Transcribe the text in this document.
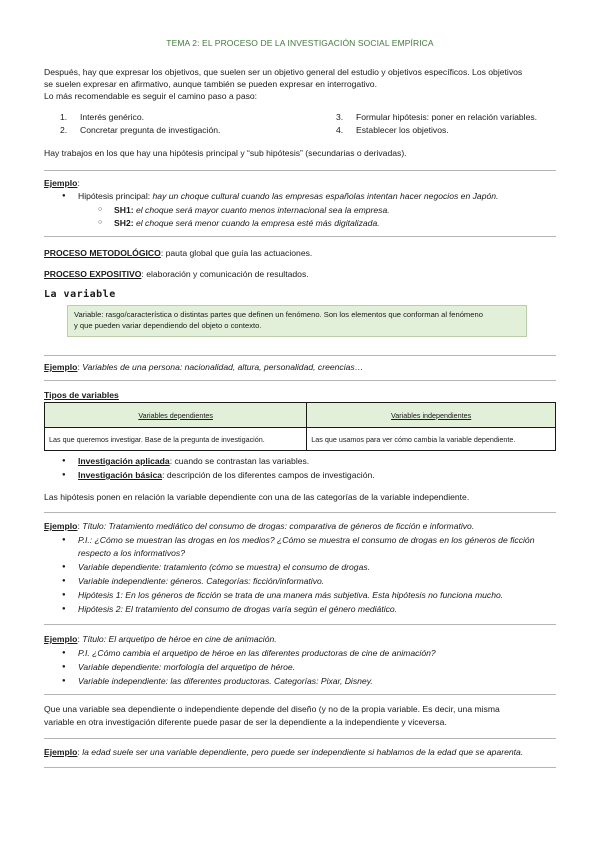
TEMA 2: EL PROCESO DE LA INVESTIGACIÓN SOCIAL EMPÍRICA
Después, hay que expresar los objetivos, que suelen ser un objetivo general del estudio y objetivos específicos. Los objetivos
se suelen expresar en afirmativo, aunque también se pueden expresar en interrogativo.
Lo más recomendable es seguir el camino paso a paso:
1. Interés genérico.
2. Concretar pregunta de investigación.
3. Formular hipótesis: poner en relación variables.
4. Establecer los objetivos.
Hay trabajos en los que hay una hipótesis principal y “sub hipótesis” (secundarias o derivadas).
Ejemplo:
● Hipótesis principal: hay un choque cultural cuando las empresas españolas intentan hacer negocios en Japón.
○ SH1: el choque será mayor cuanto menos internacional sea la empresa.
○ SH2: el choque será menor cuando la empresa esté más digitalizada.
PROCESO METODOLÓGICO: pauta global que guía las actuaciones.
PROCESO EXPOSITIVO: elaboración y comunicación de resultados.
La variable
Variable: rasgo/característica o distintas partes que definen un fenómeno. Son los elementos que conforman al fenómeno
y que pueden variar dependiendo del objeto o contexto.
Ejemplo: Variables de una persona: nacionalidad, altura, personalidad, creencias…
Tipos de variables
Variables dependientes	Variables independientes
Las que queremos investigar. Base de la pregunta de investigación.	Las que usamos para ver cómo cambia la variable dependiente.
● Investigación aplicada: cuando se contrastan las variables.
● Investigación básica: descripción de los diferentes campos de investigación.
Las hipótesis ponen en relación la variable dependiente con una de las categorías de la variable independiente.
Ejemplo: Título: Tratamiento mediático del consumo de drogas: comparativa de géneros de ficción e informativo.
● P.I.: ¿Cómo se muestran las drogas en los medios? ¿Cómo se muestra el consumo de drogas en los géneros de ficción
respecto a los informativos?
● Variable dependiente: tratamiento (cómo se muestra) el consumo de drogas.
● Variable independiente: géneros. Categorías: ficción/informativo.
● Hipótesis 1: En los géneros de ficción se trata de una manera más subjetiva. Esta hipótesis no funciona mucho.
● Hipótesis 2: El tratamiento del consumo de drogas varía según el género mediático.
Ejemplo: Título: El arquetipo de héroe en cine de animación.
● P.I. ¿Cómo cambia el arquetipo de héroe en las diferentes productoras de cine de animación?
● Variable dependiente: morfología del arquetipo de héroe.
● Variable independiente: las diferentes productoras. Categorías: Pixar, Disney.
Que una variable sea dependiente o independiente depende del diseño (y no de la propia variable. Es decir, una misma
variable en otra investigación diferente puede pasar de ser la dependiente a la independiente y viceversa.
Ejemplo: la edad suele ser una variable dependiente, pero puede ser independiente si hablamos de la edad que se aparenta.
